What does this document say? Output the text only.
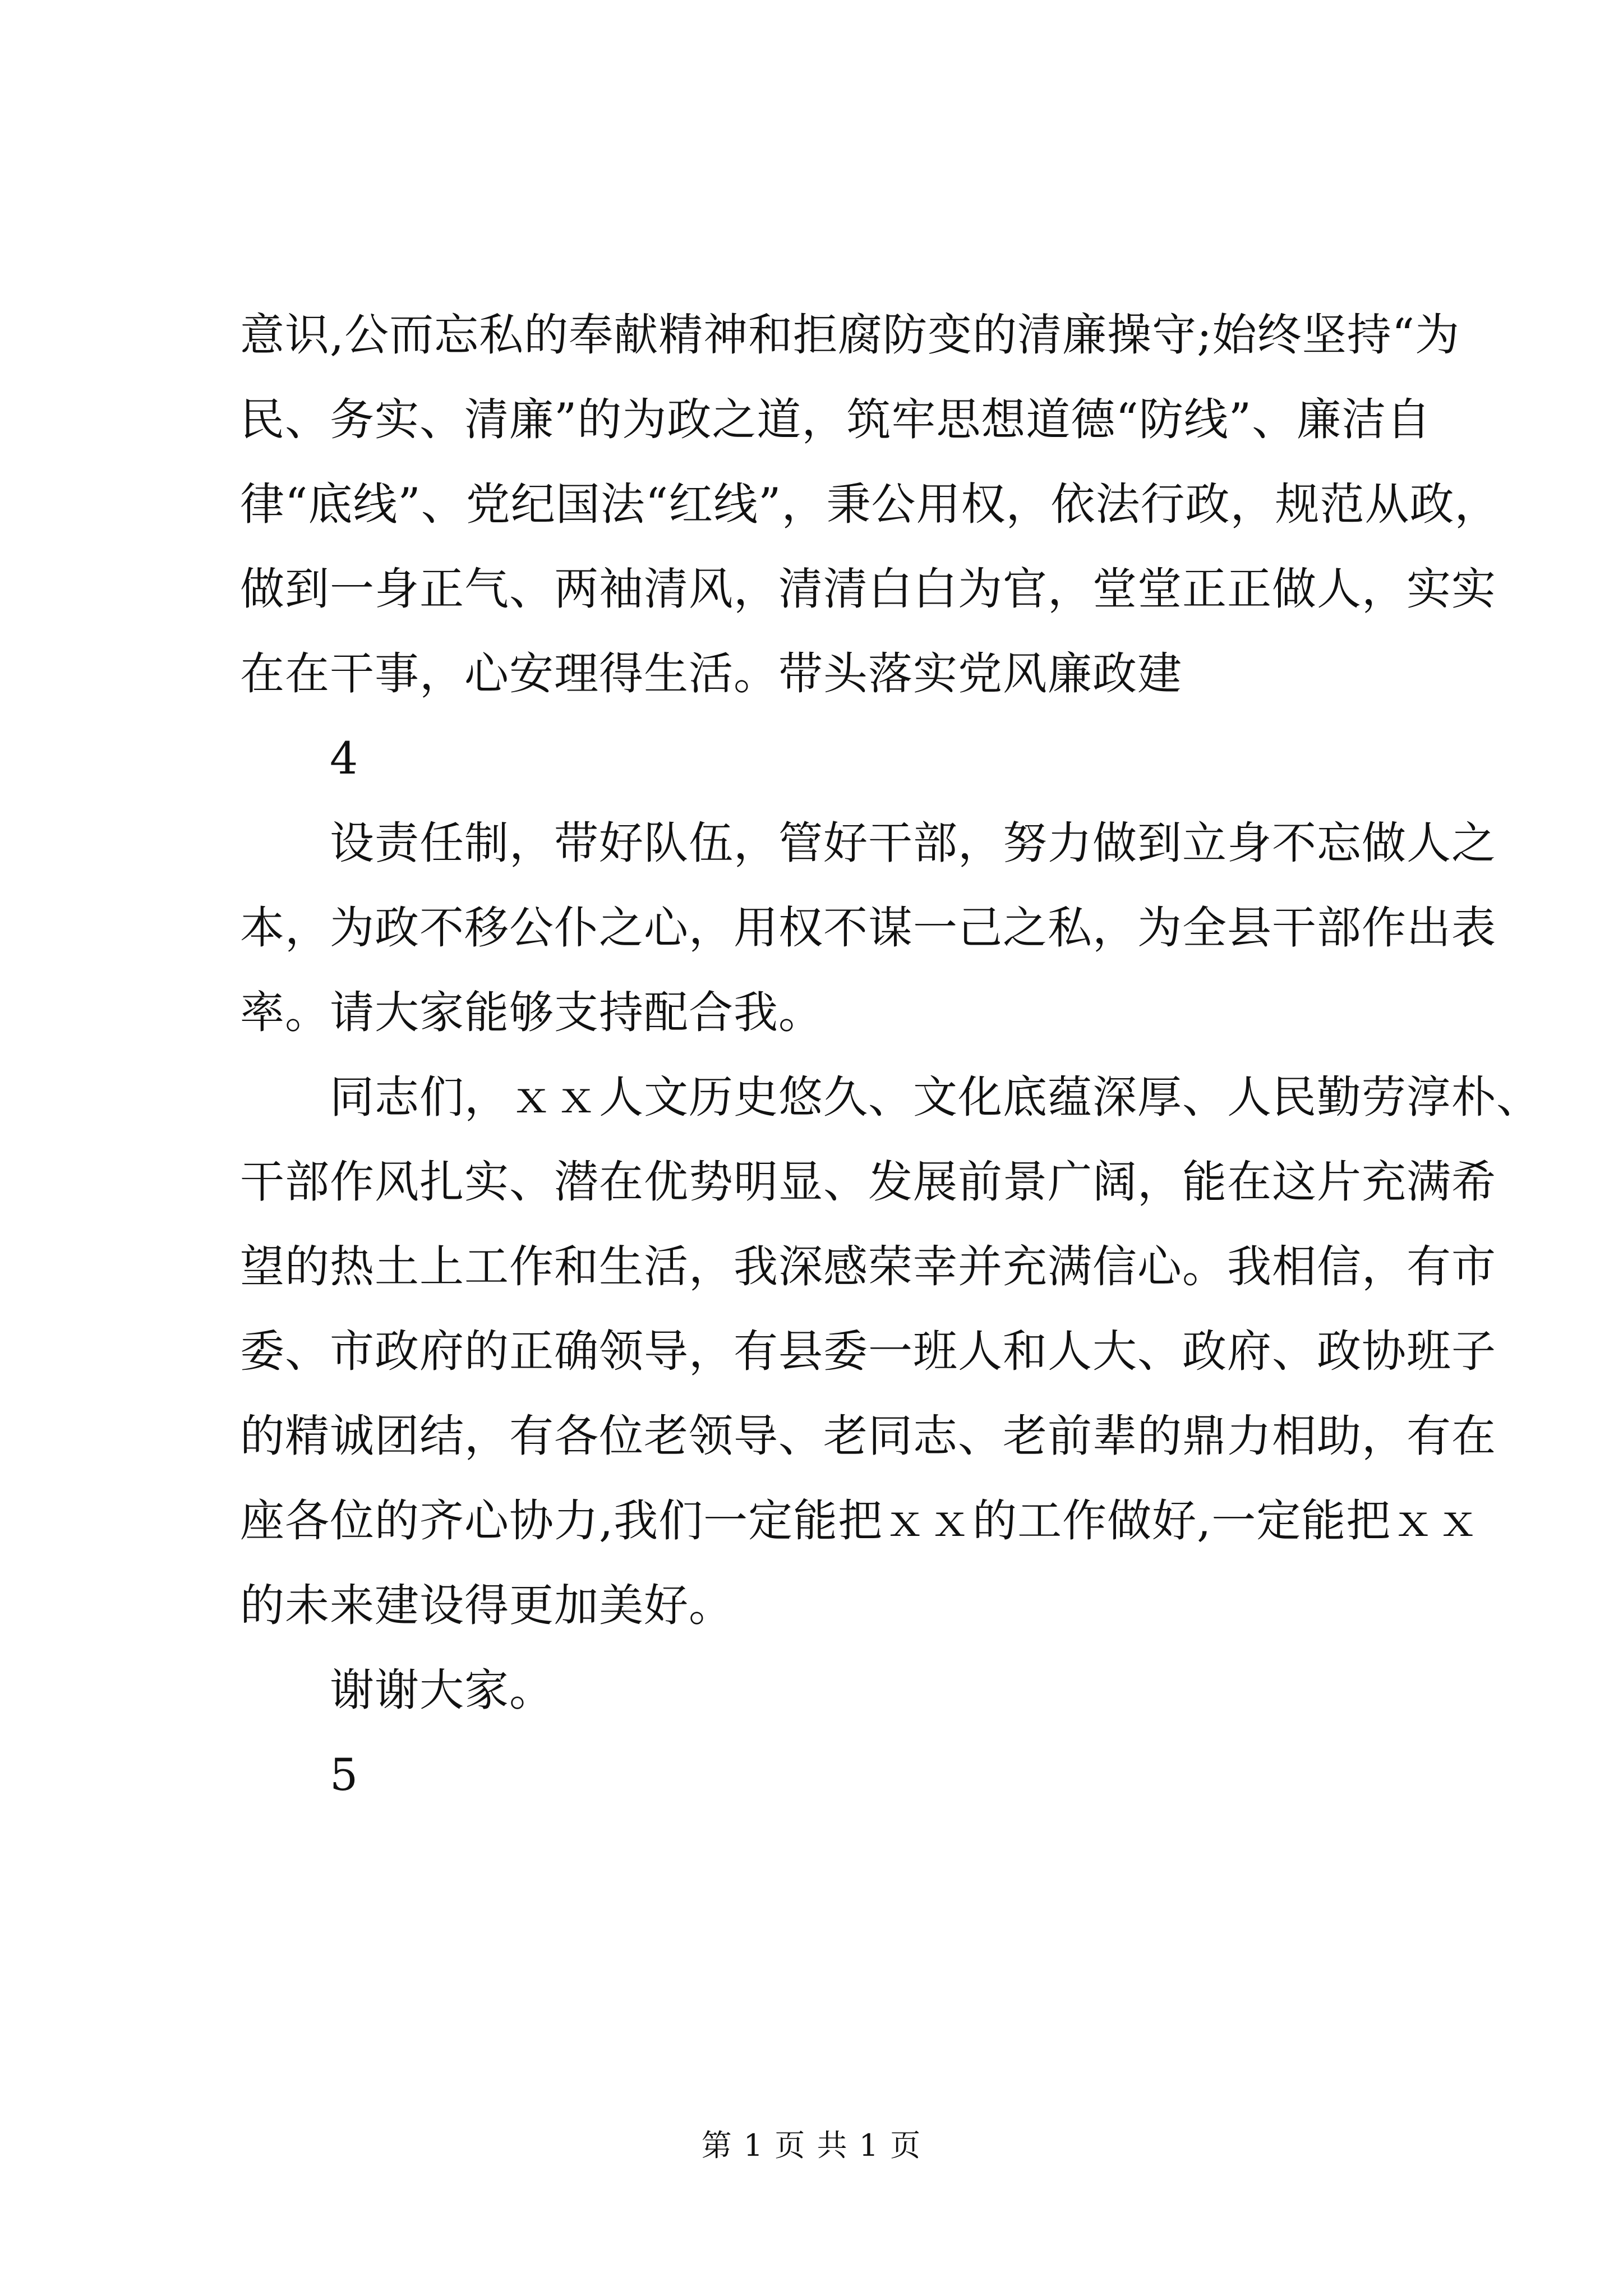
意识,公而忘私的奉献精神和拒腐防变的清廉操守;始终坚持“为
民、务实、清廉”的为政之道，筑牢思想道德“防线”、廉洁自
律“底线”、党纪国法“红线”，秉公用权，依法行政，规范从政，
做到一身正气、两袖清风，清清白白为官，堂堂正正做人，实实
在在干事，心安理得生活。带头落实党风廉政建
4
设责任制，带好队伍，管好干部，努力做到立身不忘做人之
本，为政不移公仆之心，用权不谋一己之私，为全县干部作出表
率。请大家能够支持配合我。
同志们，ｘｘ人文历史悠久、文化底蕴深厚、人民勤劳淳朴、
干部作风扎实、潜在优势明显、发展前景广阔，能在这片充满希
望的热土上工作和生活，我深感荣幸并充满信心。我相信，有市
委、市政府的正确领导，有县委一班人和人大、政府、政协班子
的精诚团结，有各位老领导、老同志、老前辈的鼎力相助，有在
座各位的齐心协力,我们一定能把ｘｘ的工作做好,一定能把ｘｘ
的未来建设得更加美好。
谢谢大家。
5
第 1 页 共 1 页
